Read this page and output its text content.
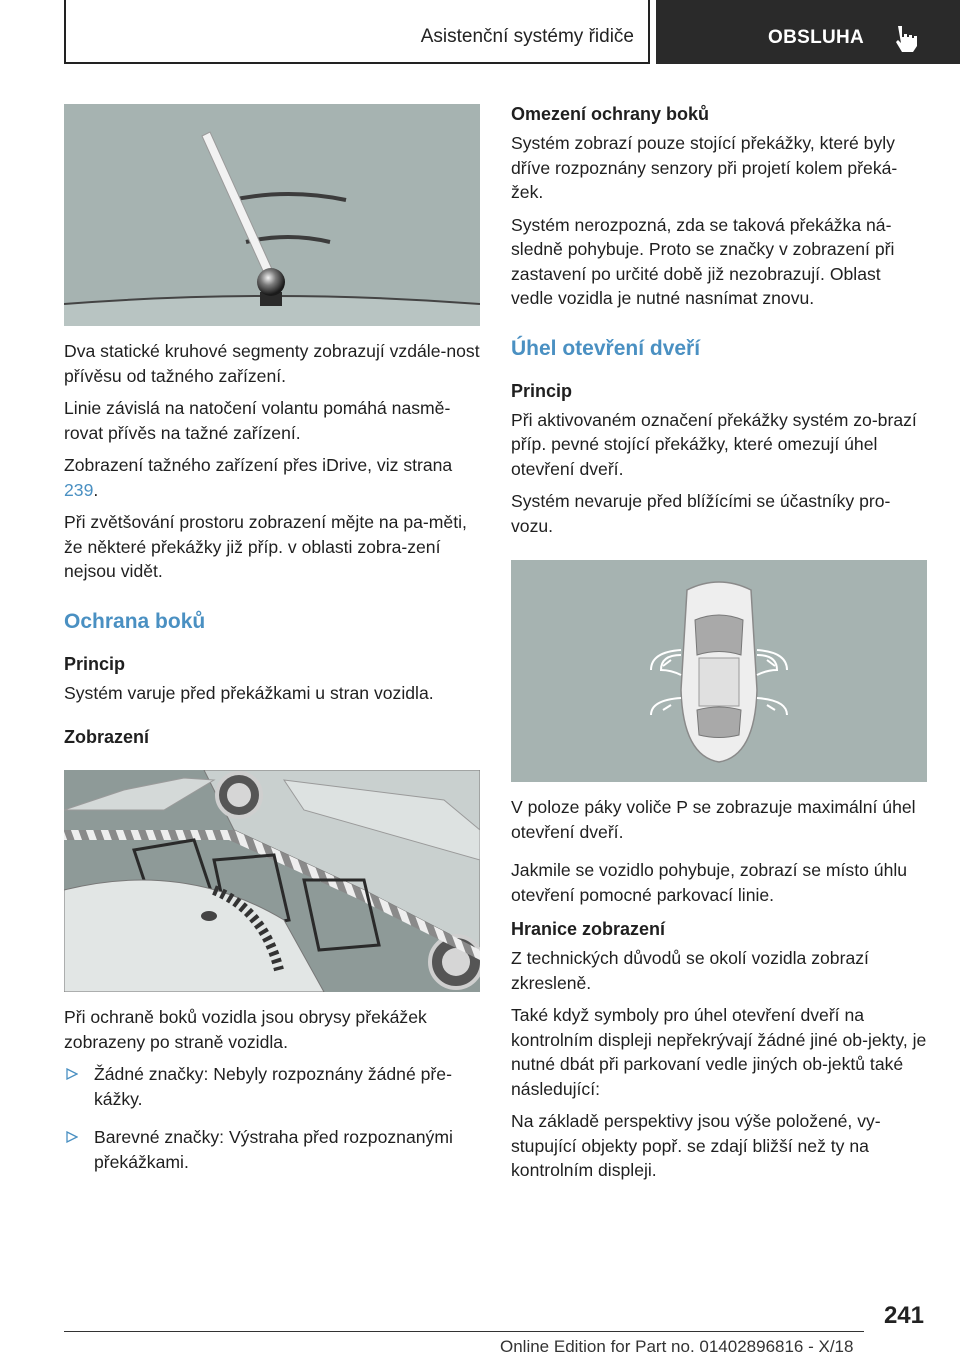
Asistenční systémy řidiče	OBSLUHA

Dva statické kruhové segmenty zobrazují vzdále-nost přívěsu od tažného zařízení.

Linie závislá na natočení volantu pomáhá nasmě-rovat přívěs na tažné zařízení.

Zobrazení tažného zařízení přes iDrive, viz strana 239.

Při zvětšování prostoru zobrazení mějte na pa-měti, že některé překážky již příp. v oblasti zobra-zení nejsou vidět.

Ochrana boků
Princip

Systém varuje před překážkami u stran vozidla.

Zobrazení

Při ochraně boků vozidla jsou obrysy překážek zobrazeny po straně vozidla.

Žádné značky: Nebyly rozpoznány žádné pře-kážky.
Barevné značky: Výstraha před rozpoznanými překážkami.
Omezení ochrany boků

Systém zobrazí pouze stojící překážky, které byly dříve rozpoznány senzory při projetí kolem překá-žek.

Systém nerozpozná, zda se taková překážka ná-sledně pohybuje. Proto se značky v zobrazení při zastavení po určité době již nezobrazují. Oblast vedle vozidla je nutné nasnímat znovu.

Úhel otevření dveří
Princip

Při aktivovaném označení překážky systém zo-brazí příp. pevné stojící překážky, které omezují úhel otevření dveří.

Systém nevaruje před blížícími se účastníky pro-vozu.

V poloze páky voliče P se zobrazuje maximální úhel otevření dveří.

Jakmile se vozidlo pohybuje, zobrazí se místo úhlu otevření pomocné parkovací linie.

Hranice zobrazení

Z technických důvodů se okolí vozidla zobrazí zkresleně.

Také když symboly pro úhel otevření dveří na kontrolním displeji nepřekrývají žádné jiné ob-jekty, je nutné dbát při parkovaní vedle jiných ob-jektů také následující:

Na základě perspektivy jsou výše položené, vy-stupující objekty popř. se zdají bližší než ty na kontrolním displeji.

241
Online Edition for Part no. 01402896816 - X/18
